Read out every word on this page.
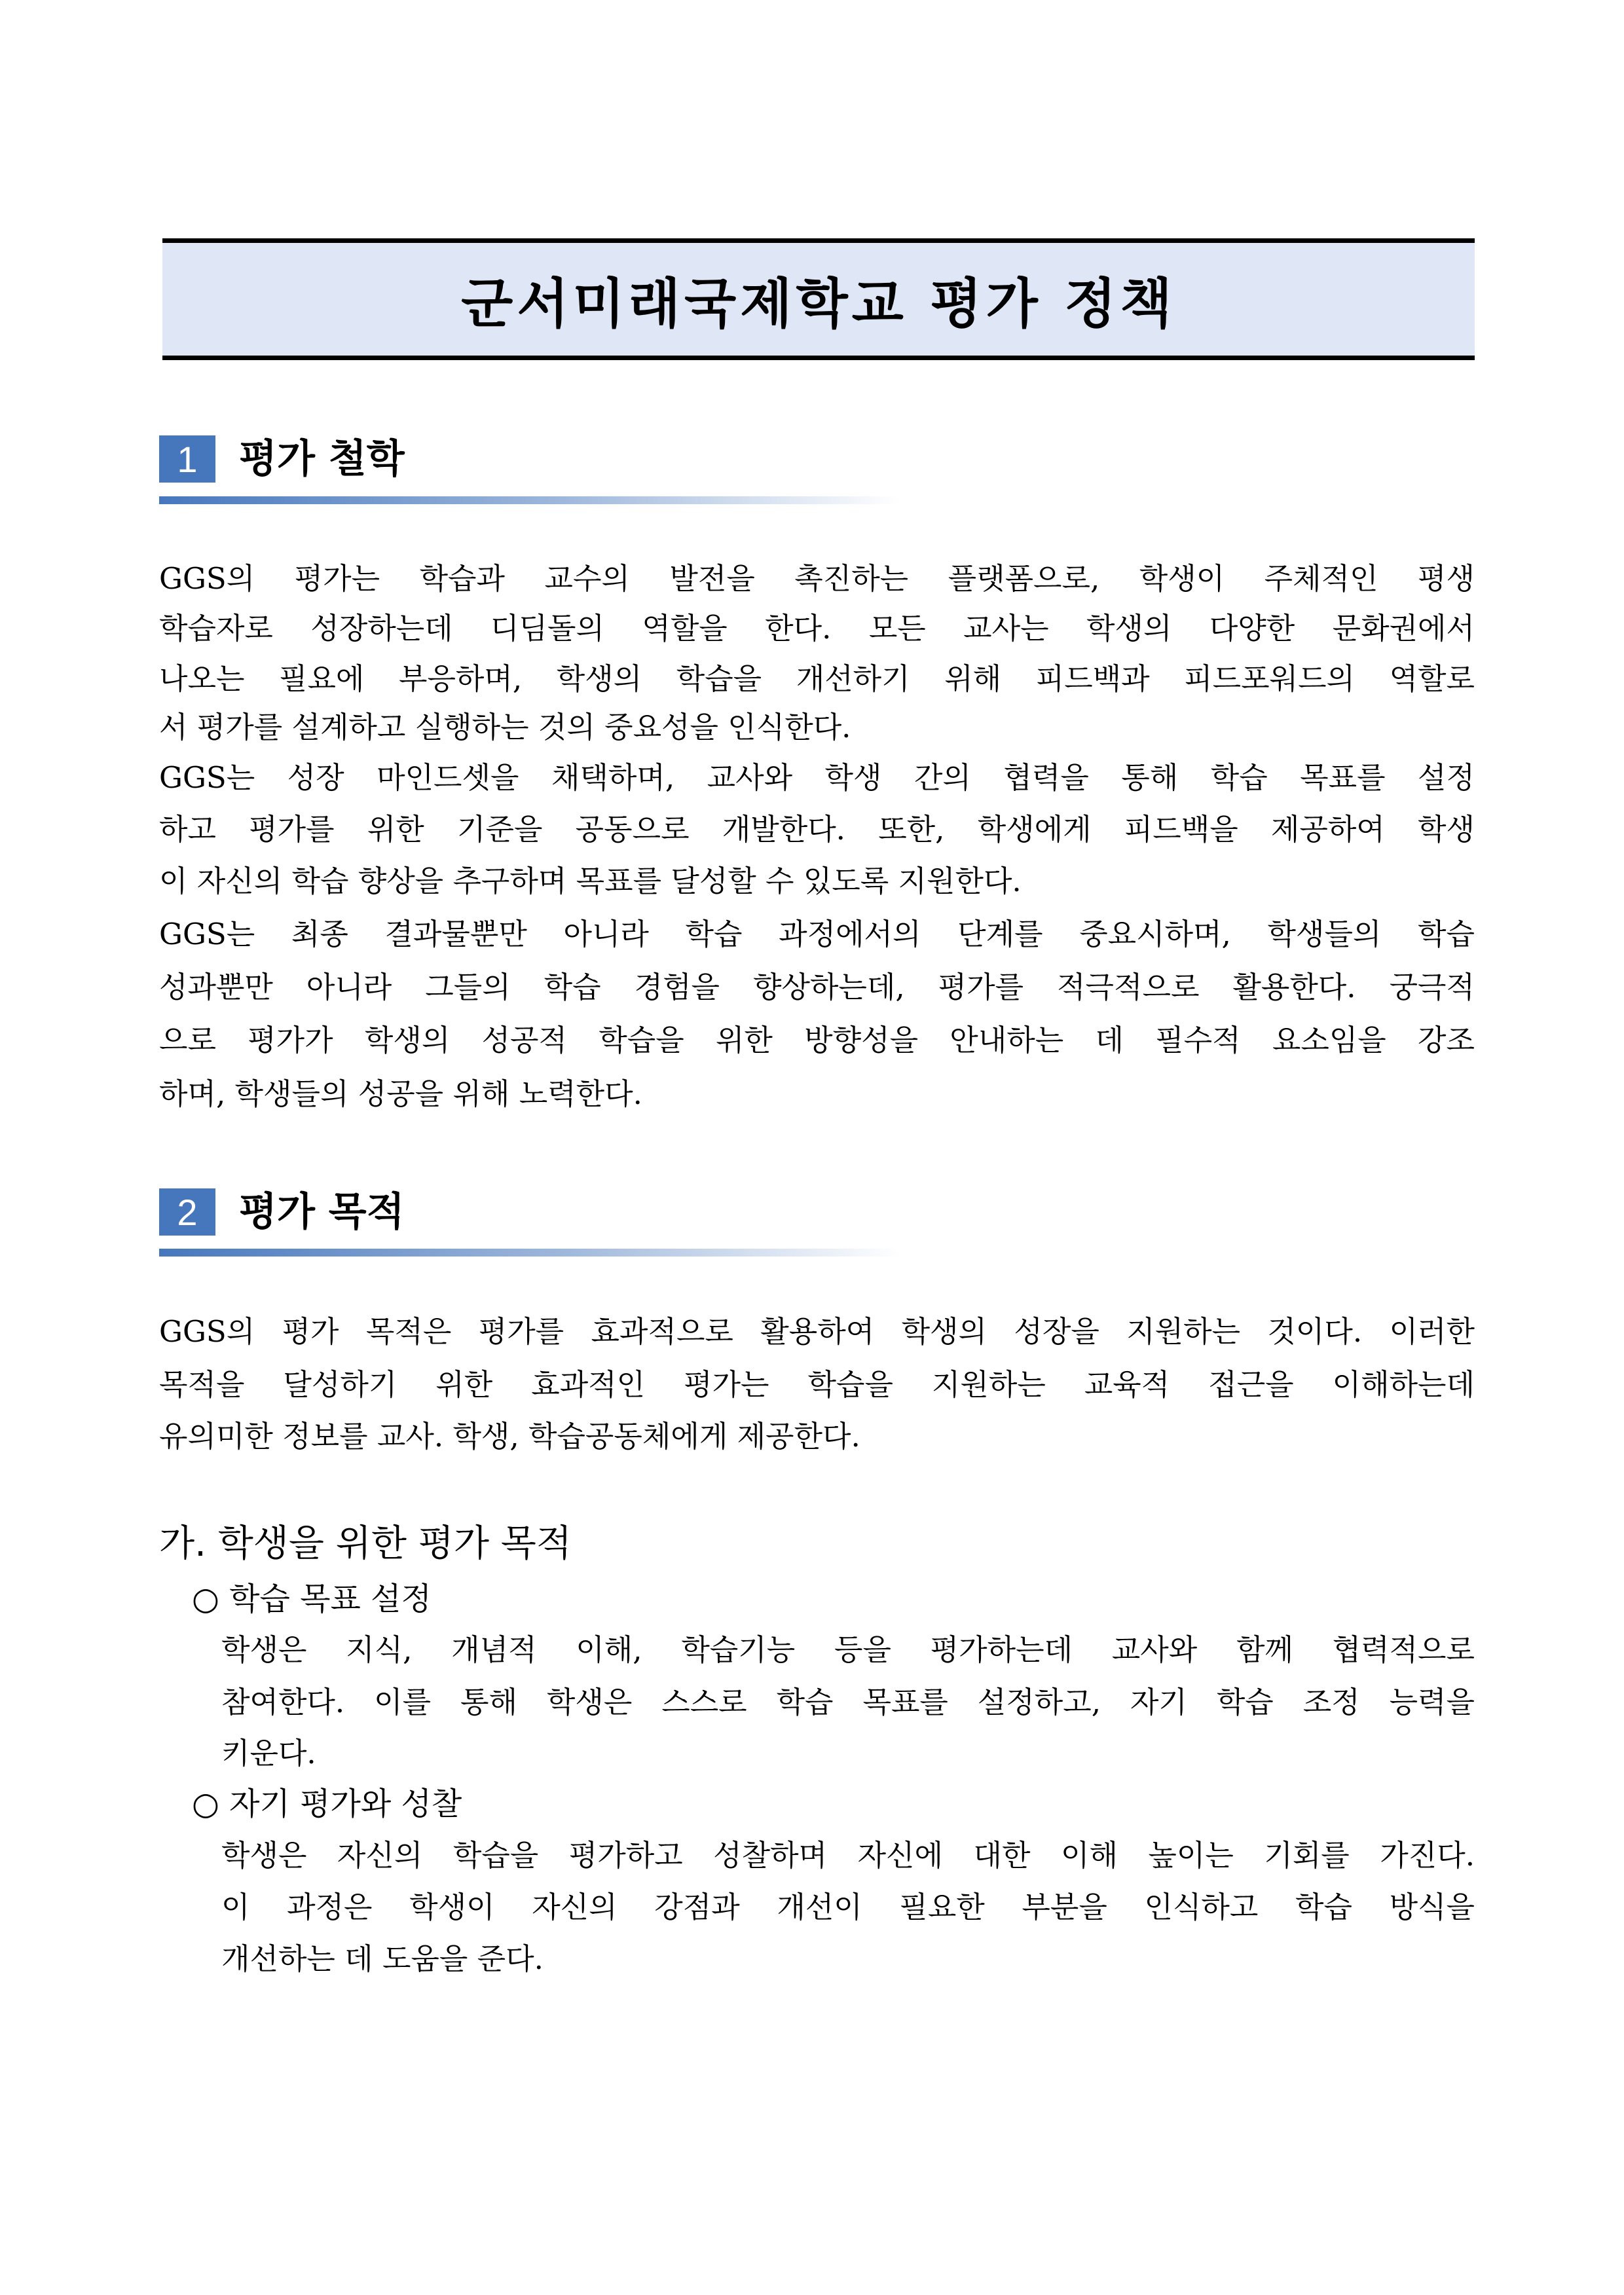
군서미래국제학교 평가 정책
1	평가 철학
GGS의 평가는 학습과 교수의 발전을 촉진하는 플랫폼으로, 학생이 주체적인 평생
학습자로 성장하는데 디딤돌의 역할을 한다. 모든 교사는 학생의 다양한 문화권에서
나오는 필요에 부응하며, 학생의 학습을 개선하기 위해 피드백과 피드포워드의 역할로
서 평가를 설계하고 실행하는 것의 중요성을 인식한다.
GGS는 성장 마인드셋을 채택하며, 교사와 학생 간의 협력을 통해 학습 목표를 설정
하고 평가를 위한 기준을 공동으로 개발한다. 또한, 학생에게 피드백을 제공하여 학생
이 자신의 학습 향상을 추구하며 목표를 달성할 수 있도록 지원한다.
GGS는 최종 결과물뿐만 아니라 학습 과정에서의 단계를 중요시하며, 학생들의 학습
성과뿐만 아니라 그들의 학습 경험을 향상하는데, 평가를 적극적으로 활용한다. 궁극적
으로 평가가 학생의 성공적 학습을 위한 방향성을 안내하는 데 필수적 요소임을 강조
하며, 학생들의 성공을 위해 노력한다.
2	평가 목적
GGS의 평가 목적은 평가를 효과적으로 활용하여 학생의 성장을 지원하는 것이다. 이러한
목적을 달성하기 위한 효과적인 평가는 학습을 지원하는 교육적 접근을 이해하는데
유의미한 정보를 교사. 학생, 학습공동체에게 제공한다.
가. 학생을 위한 평가 목적
○ 학습 목표 설정
학생은 지식, 개념적 이해, 학습기능 등을 평가하는데 교사와 함께 협력적으로
참여한다. 이를 통해 학생은 스스로 학습 목표를 설정하고, 자기 학습 조정 능력을
키운다.
○ 자기 평가와 성찰
학생은 자신의 학습을 평가하고 성찰하며 자신에 대한 이해 높이는 기회를 가진다.
이 과정은 학생이 자신의 강점과 개선이 필요한 부분을 인식하고 학습 방식을
개선하는 데 도움을 준다.
